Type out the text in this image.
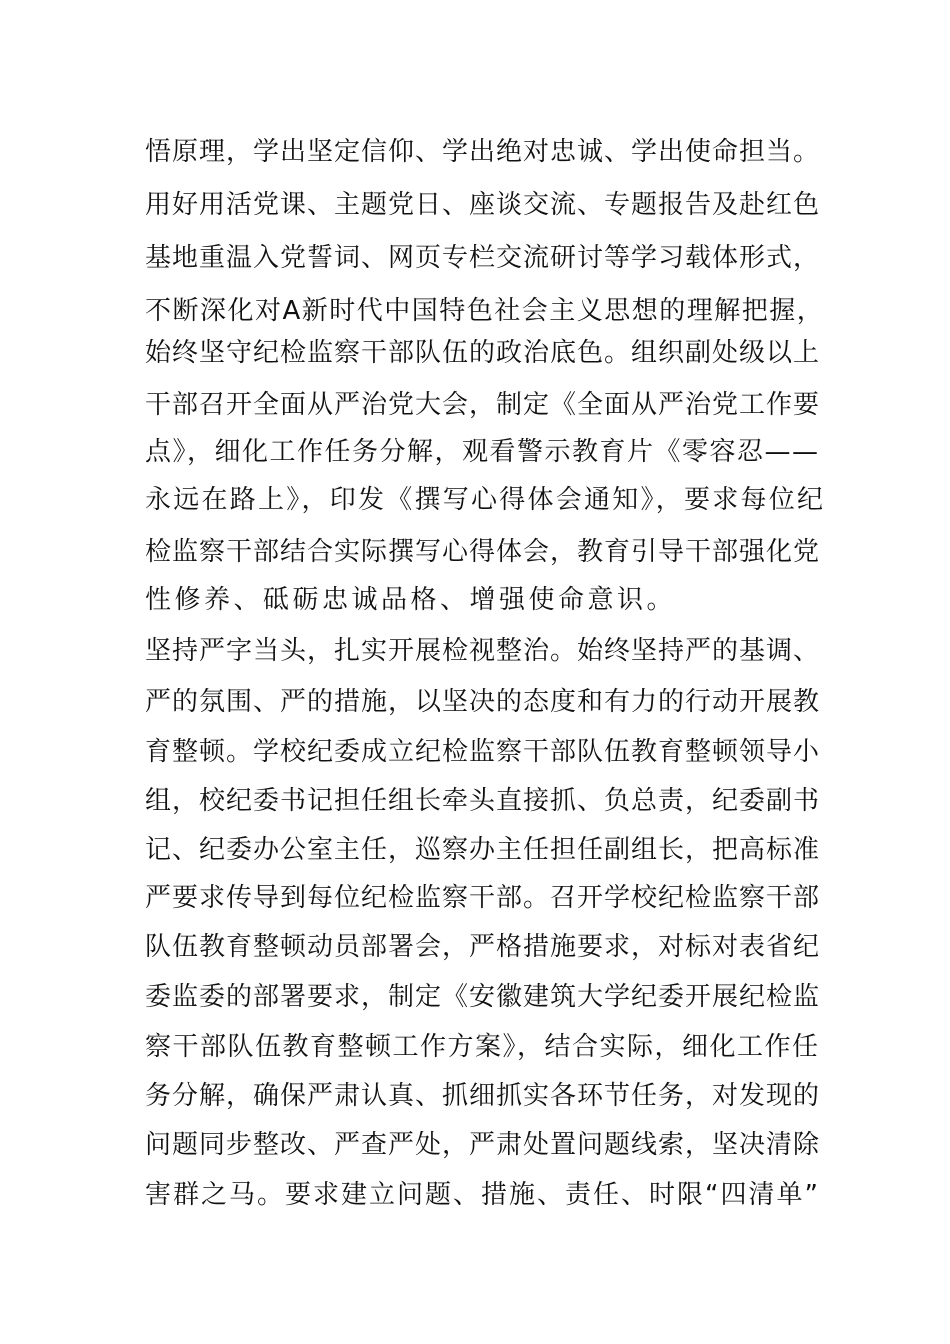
悟原理，学出坚定信仰、学出绝对忠诚、学出使命担当。
用好用活党课、主题党日、座谈交流、专题报告及赴红色
基地重温入党誓词、网页专栏交流研讨等学习载体形式，
不断深化对A新时代中国特色社会主义思想的理解把握，
始终坚守纪检监察干部队伍的政治底色。组织副处级以上
干部召开全面从严治党大会，制定《全面从严治党工作要
点》，细化工作任务分解，观看警示教育片《零容忍——
永远在路上》，印发《撰写心得体会通知》，要求每位纪
检监察干部结合实际撰写心得体会，教育引导干部强化党
性修养、砥砺忠诚品格、增强使命意识。
坚持严字当头，扎实开展检视整治。始终坚持严的基调、
严的氛围、严的措施，以坚决的态度和有力的行动开展教
育整顿。学校纪委成立纪检监察干部队伍教育整顿领导小
组，校纪委书记担任组长牵头直接抓、负总责，纪委副书
记、纪委办公室主任，巡察办主任担任副组长，把高标准
严要求传导到每位纪检监察干部。召开学校纪检监察干部
队伍教育整顿动员部署会，严格措施要求，对标对表省纪
委监委的部署要求，制定《安徽建筑大学纪委开展纪检监
察干部队伍教育整顿工作方案》，结合实际，细化工作任
务分解，确保严肃认真、抓细抓实各环节任务，对发现的
问题同步整改、严查严处，严肃处置问题线索，坚决清除
害群之马。要求建立问题、措施、责任、时限“四清单”
